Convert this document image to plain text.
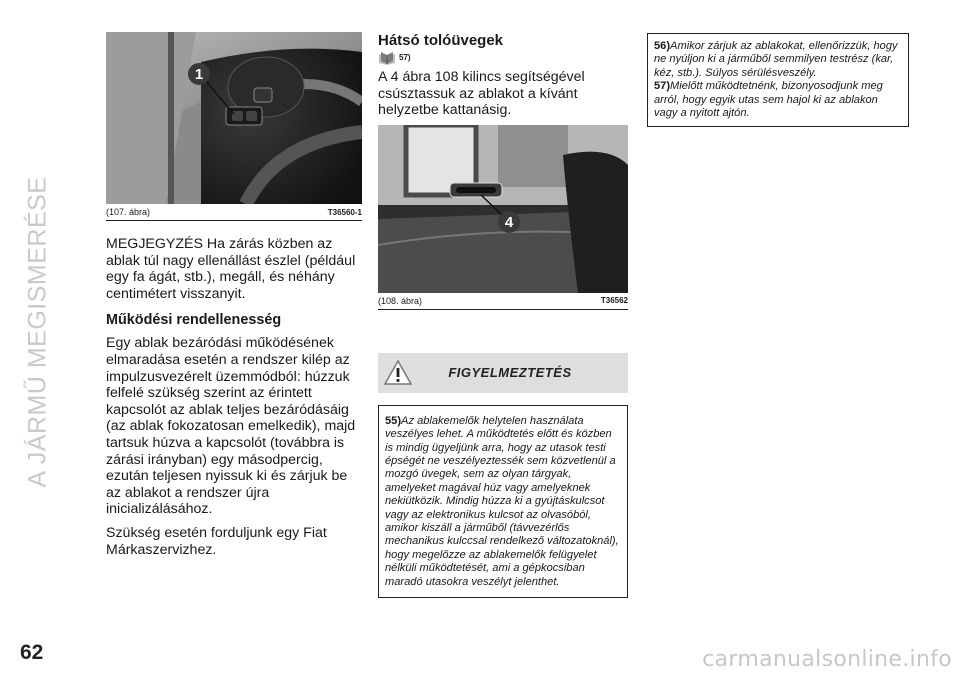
A JÁRMŰ MEGISMERÉSE
1
(107. ábra)	T36560-1

MEGJEGYZÉS Ha zárás közben az ablak túl nagy ellenállást észlel (például egy fa ágát, stb.), megáll, és néhány centimétert visszanyit.

Működési rendellenesség

Egy ablak bezáródási működésének elmaradása esetén a rendszer kilép az impulzusvezérelt üzemmódból: húzzuk felfelé szükség szerint az érintett kapcsolót az ablak teljes bezáródásáig (az ablak fokozatosan emelkedik), majd tartsuk húzva a kapcsolót (továbbra is zárási irányban) egy másodpercig, ezután teljesen nyissuk ki és zárjuk be az ablakot a rendszer újra inicializálásához.

Szükség esetén forduljunk egy Fiat Márkaszervizhez.

Hátsó tolóüvegek
57)

A 4 ábra 108 kilincs segítségével csúsztassuk az ablakot a kívánt helyzetbe kattanásig.

4
(108. ábra)	T36562
FIGYELMEZTETÉS
55)Az ablakemelők helytelen használata veszélyes lehet. A működtetés előtt és közben is mindig ügyeljünk arra, hogy az utasok testi épségét ne veszélyeztessék sem közvetlenül a mozgó üvegek, sem az olyan tárgyak, amelyeket magával húz vagy amelyeknek nekiütközik. Mindig húzza ki a gyújtáskulcsot vagy az elektronikus kulcsot az olvasóból, amikor kiszáll a járműből (távvezérlős mechanikus kulccsal rendelkező változatoknál), hogy megelőzze az ablakemelők felügyelet nélküli működtetését, ami a gépkocsiban maradó utasokra veszélyt jelenthet.
56)Amikor zárjuk az ablakokat, ellenőrizzük, hogy ne nyúljon ki a járműből semmilyen testrész (kar, kéz, stb.). Súlyos sérülésveszély.
57)Mielőtt működtetnénk, bizonyosodjunk meg arról, hogy egyik utas sem hajol ki az ablakon vagy a nyitott ajtón.
62	carmanualsonline.info
